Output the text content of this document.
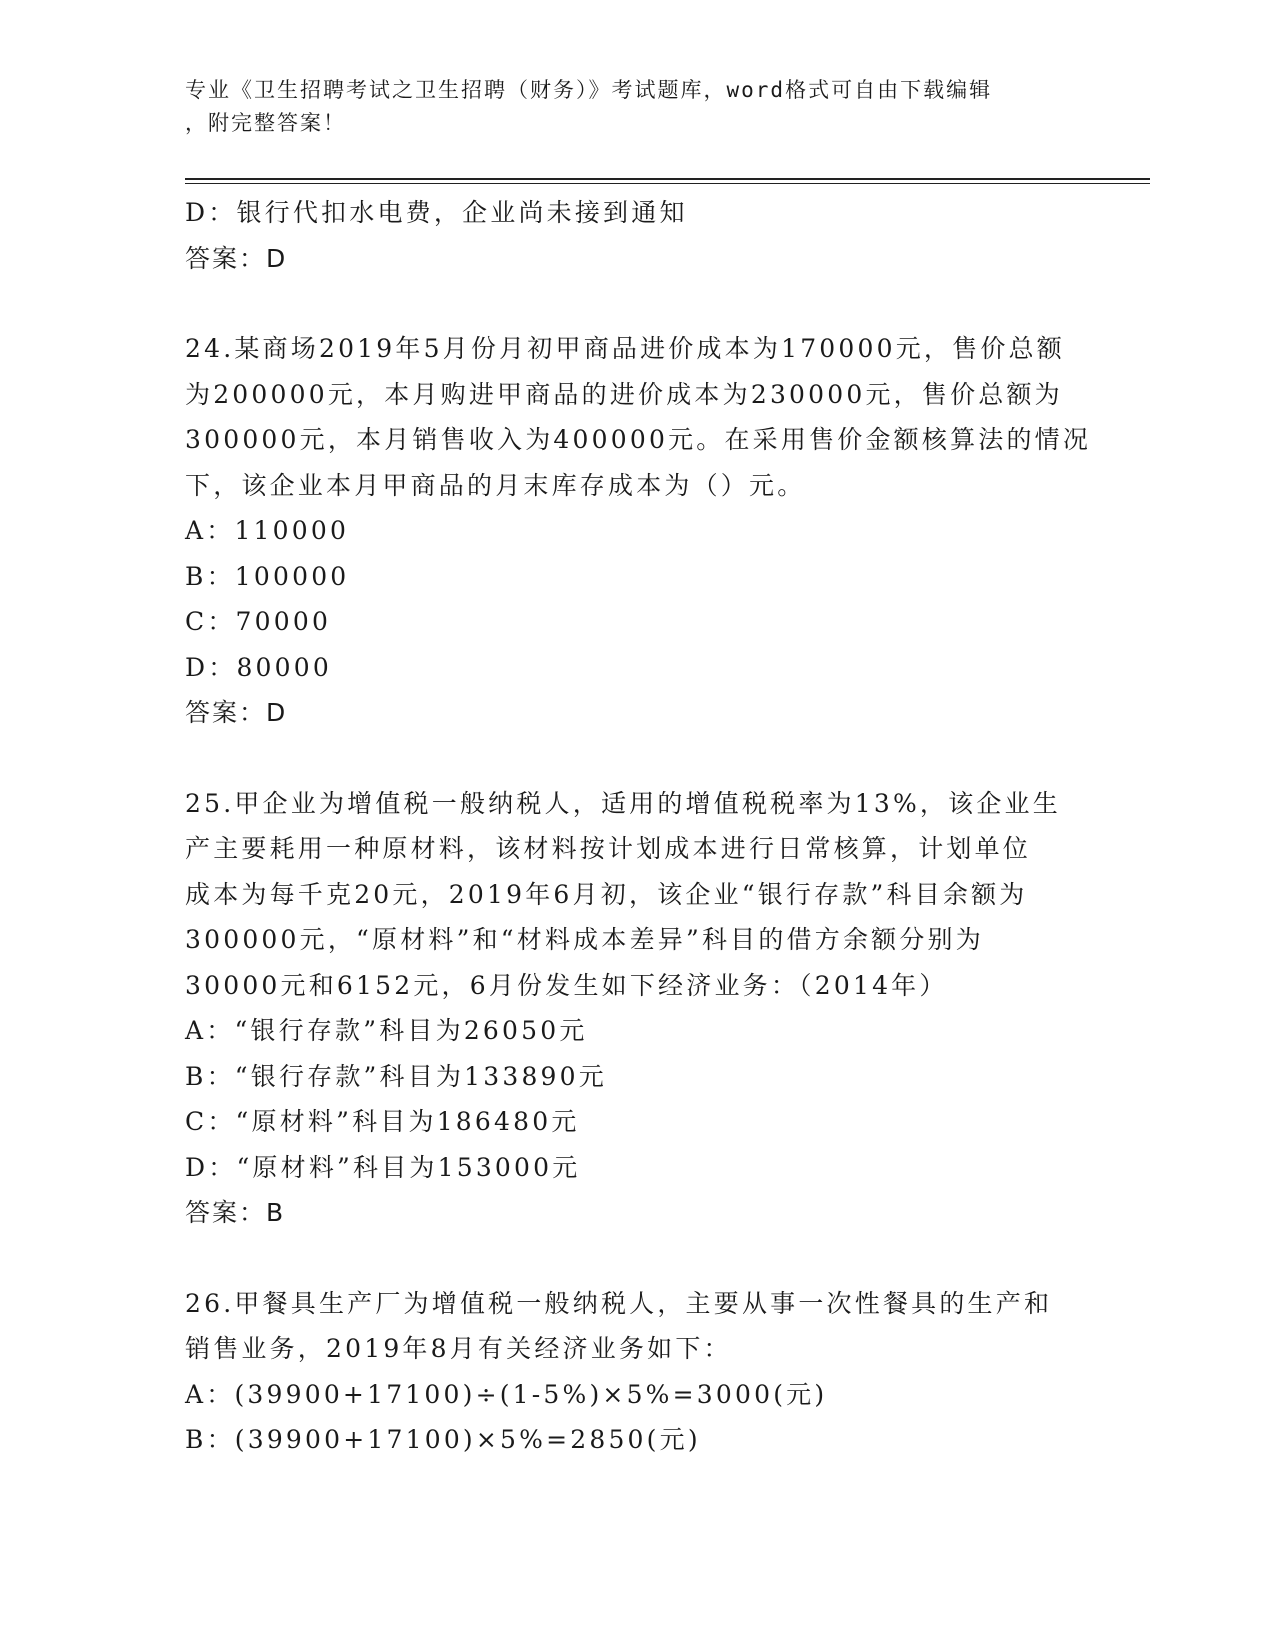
专业《卫生招聘考试之卫生招聘（财务）》考试题库，word格式可自由下载编辑
，附完整答案！

D：银行代扣水电费，企业尚未接到通知

答案：D

24.某商场2019年5月份月初甲商品进价成本为170000元，售价总额

为200000元，本月购进甲商品的进价成本为230000元，售价总额为

300000元，本月销售收入为400000元。在采用售价金额核算法的情况

下，该企业本月甲商品的月末库存成本为（）元。

A：110000

B：100000

C：70000

D：80000

答案：D

25.甲企业为增值税一般纳税人，适用的增值税税率为13%，该企业生

产主要耗用一种原材料，该材料按计划成本进行日常核算，计划单位

成本为每千克20元，2019年6月初，该企业“银行存款”科目余额为

300000元，“原材料”和“材料成本差异”科目的借方余额分别为

30000元和6152元，6月份发生如下经济业务：（2014年）

A：“银行存款”科目为26050元

B：“银行存款”科目为133890元

C：“原材料”科目为186480元

D：“原材料”科目为153000元

答案：B

26.甲餐具生产厂为增值税一般纳税人，主要从事一次性餐具的生产和

销售业务，2019年8月有关经济业务如下：

A：(39900+17100)÷(1-5%)×5%=3000(元)

B：(39900+17100)×5%=2850(元)
